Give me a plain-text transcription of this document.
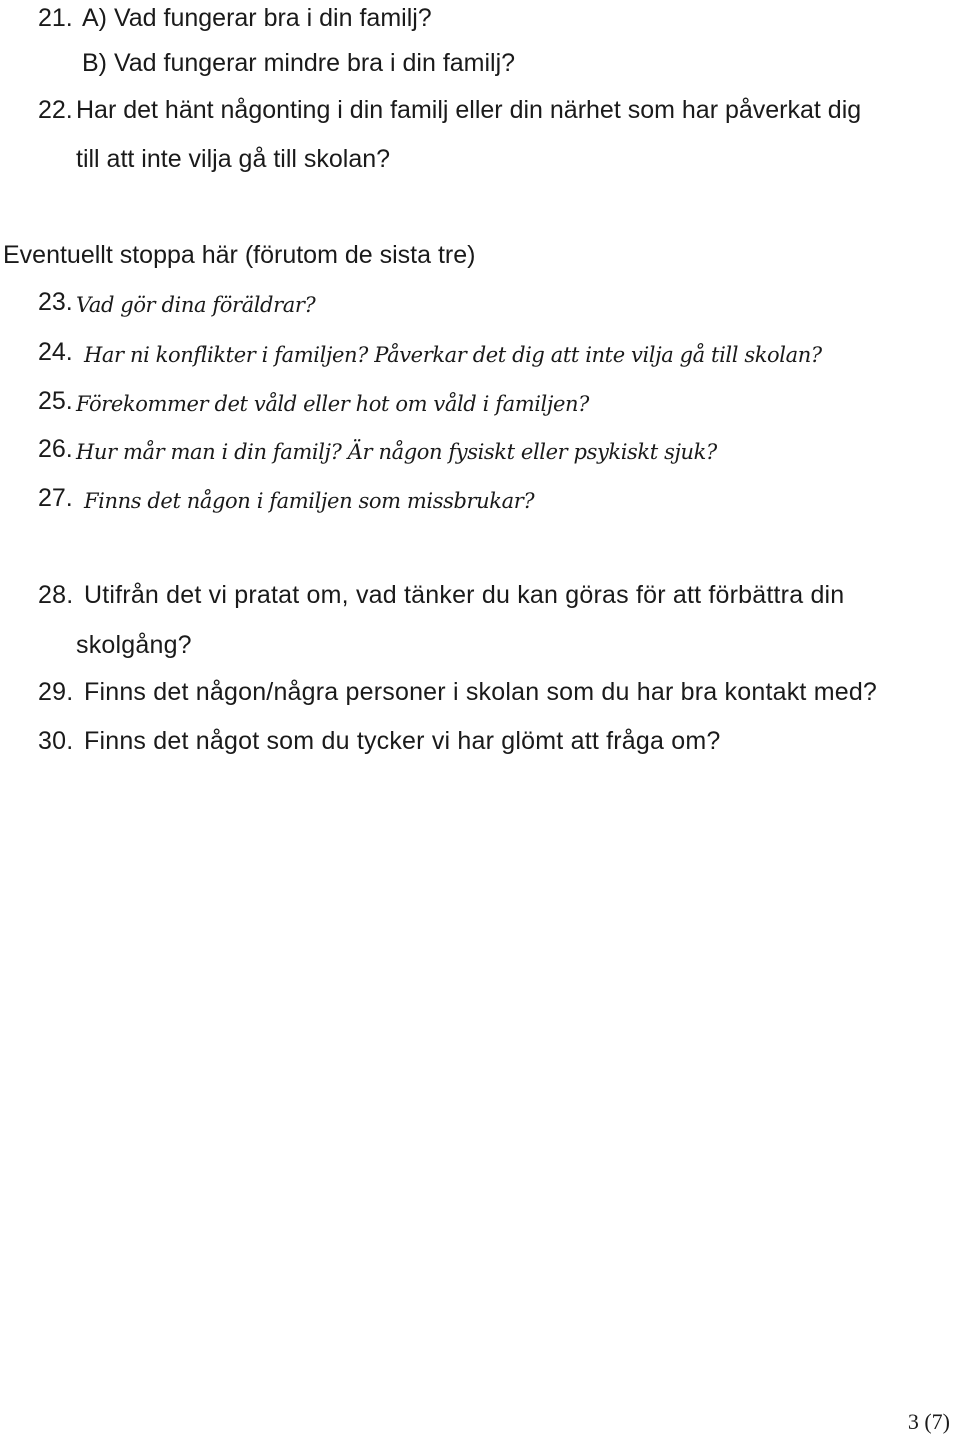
21. A) Vad fungerar bra i din familj?
B) Vad fungerar mindre bra i din familj?
22. Har det hänt någonting i din familj eller din närhet som har påverkat dig
till att inte vilja gå till skolan?
Eventuellt stoppa här (förutom de sista tre)
23. Vad gör dina föräldrar?
24. Har ni konflikter i familjen? Påverkar det dig att inte vilja gå till skolan?
25. Förekommer det våld eller hot om våld i familjen?
26. Hur mår man i din familj? Är någon fysiskt eller psykiskt sjuk?
27. Finns det någon i familjen som missbrukar?
28. Utifrån det vi pratat om, vad tänker du kan göras för att förbättra din
skolgång?
29. Finns det någon/några personer i skolan som du har bra kontakt med?
30. Finns det något som du tycker vi har glömt att fråga om?
3 (7)
